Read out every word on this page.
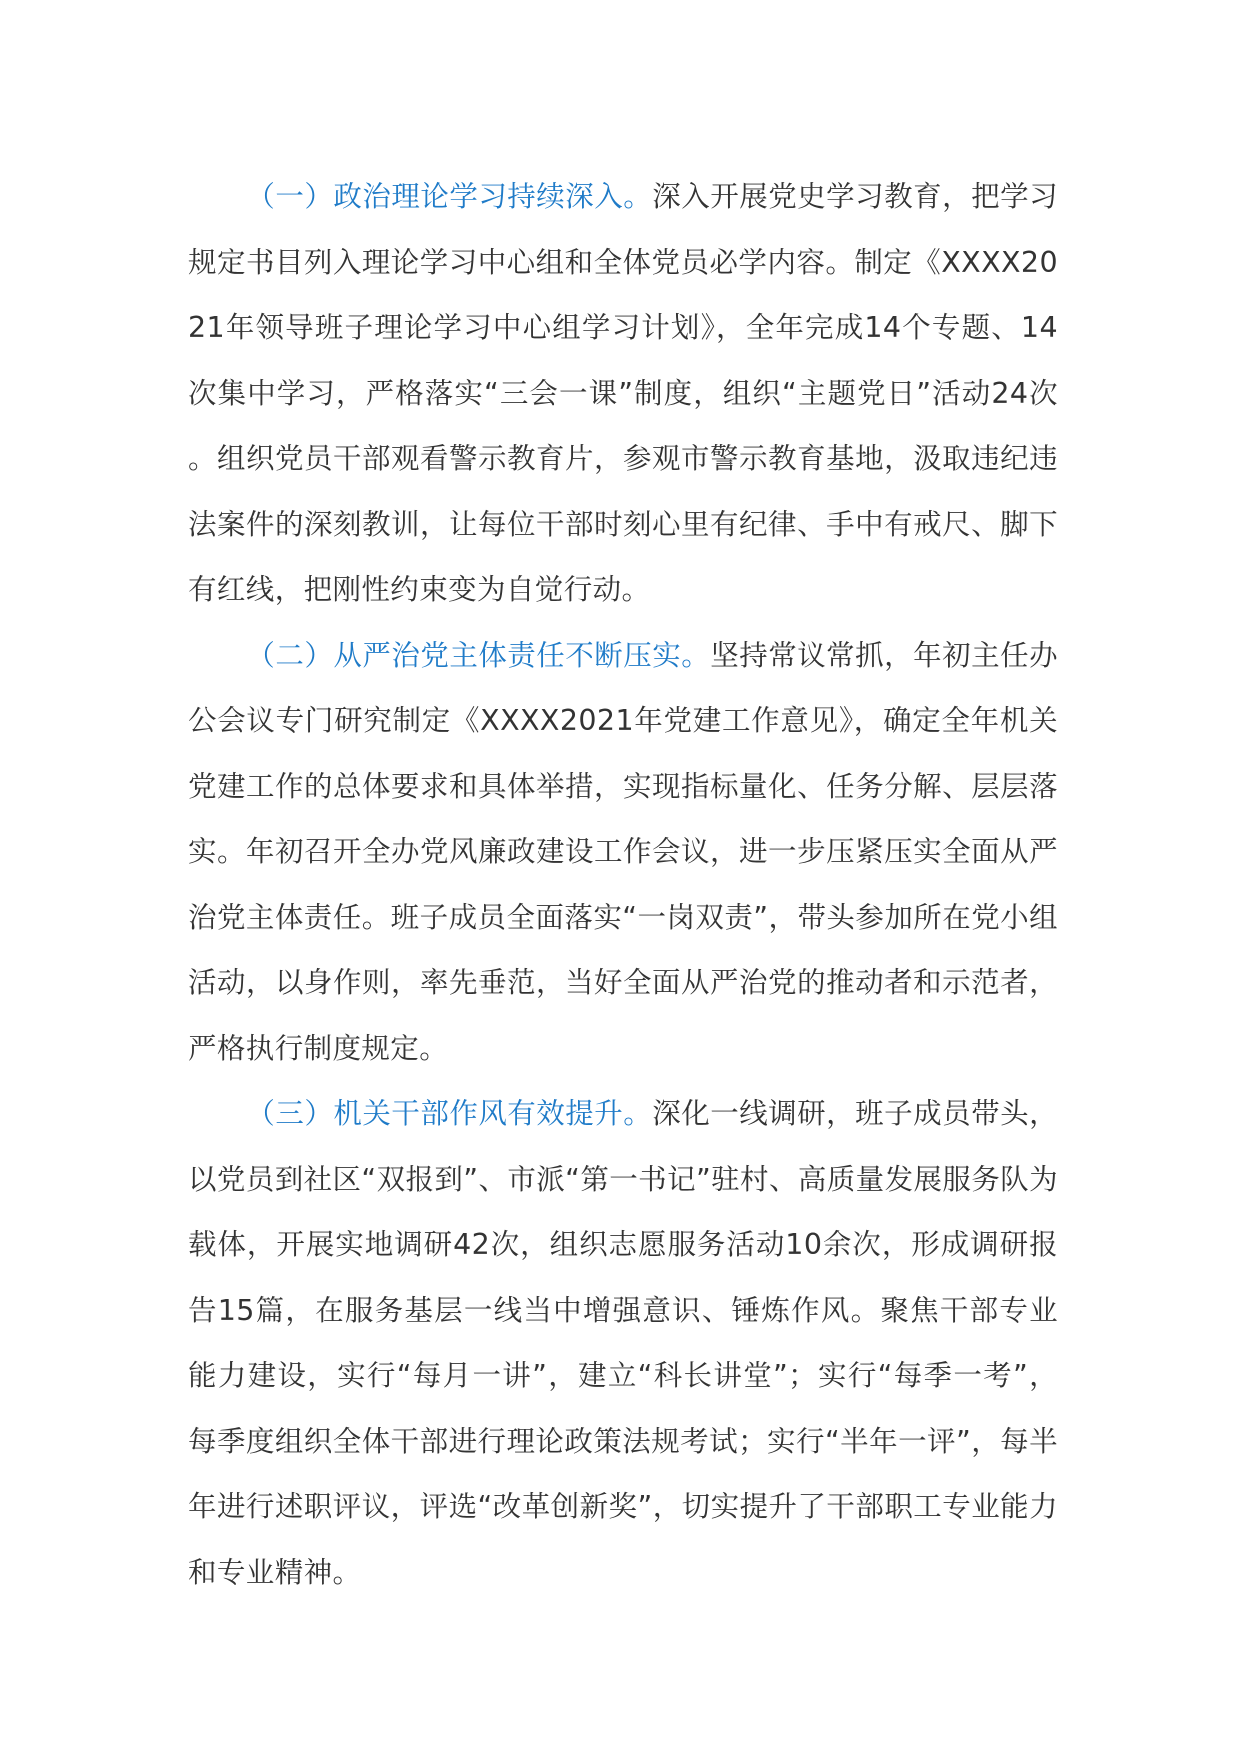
（一）政治理论学习持续深入。深入开展党史学习教育，把学习规定书目列入理论学习中心组和全体党员必学内容。制定《XXXX2021年领导班子理论学习中心组学习计划》，全年完成14个专题、14次集中学习，严格落实“三会一课”制度，组织“主题党日”活动24次。组织党员干部观看警示教育片，参观市警示教育基地，汲取违纪违法案件的深刻教训，让每位干部时刻心里有纪律、手中有戒尺、脚下有红线，把刚性约束变为自觉行动。

（二）从严治党主体责任不断压实。坚持常议常抓，年初主任办公会议专门研究制定《XXXX2021年党建工作意见》，确定全年机关党建工作的总体要求和具体举措，实现指标量化、任务分解、层层落实。年初召开全办党风廉政建设工作会议，进一步压紧压实全面从严治党主体责任。班子成员全面落实“一岗双责”，带头参加所在党小组活动，以身作则，率先垂范，当好全面从严治党的推动者和示范者，严格执行制度规定。

（三）机关干部作风有效提升。深化一线调研，班子成员带头，以党员到社区“双报到”、市派“第一书记”驻村、高质量发展服务队为载体，开展实地调研42次，组织志愿服务活动10余次，形成调研报告15篇，在服务基层一线当中增强意识、锤炼作风。聚焦干部专业能力建设，实行“每月一讲”，建立“科长讲堂”；实行“每季一考”，每季度组织全体干部进行理论政策法规考试；实行“半年一评”，每半年进行述职评议，评选“改革创新奖”，切实提升了干部职工专业能力和专业精神。
